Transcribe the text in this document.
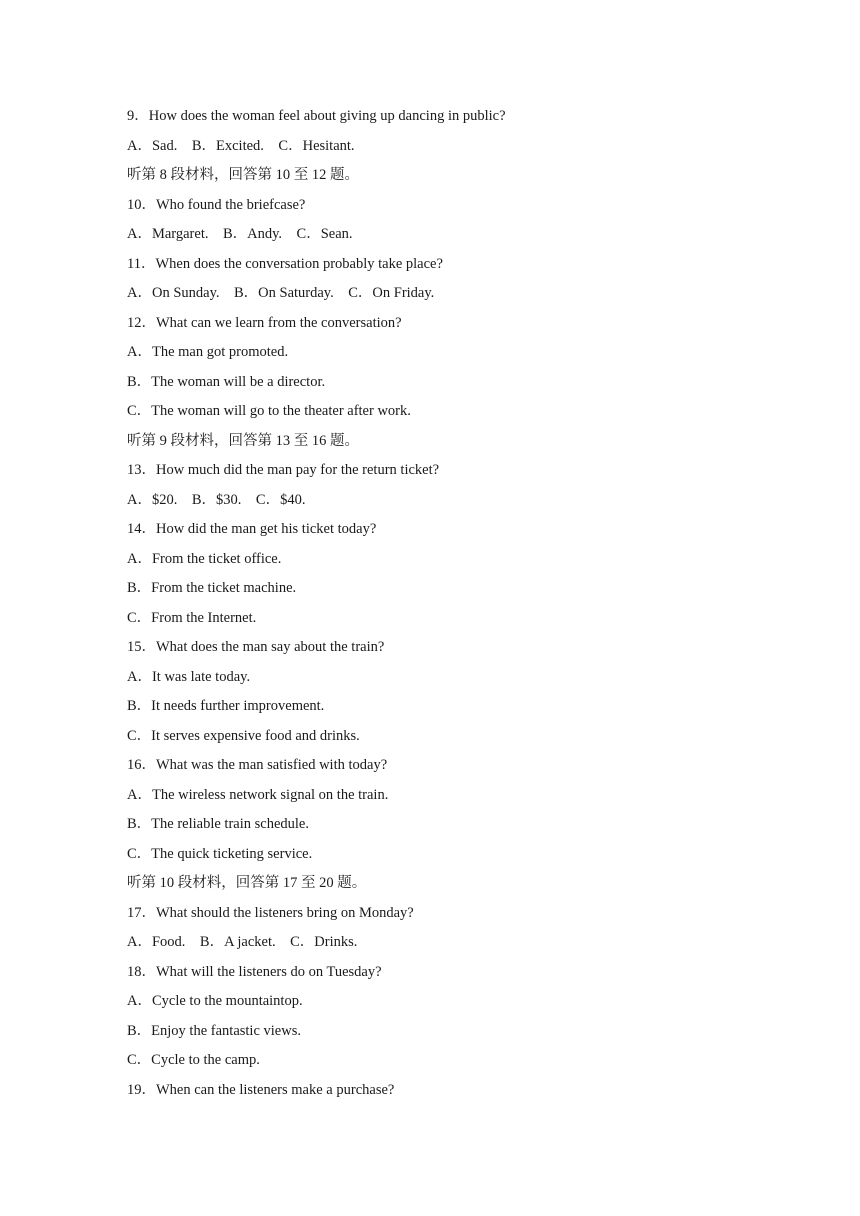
9．How does the woman feel about giving up dancing in public?
A．Sad.　B．Excited.　C．Hesitant.
听第 8 段材料，回答第 10 至 12 题。
10．Who found the briefcase?
A．Margaret.　B．Andy.　C．Sean.
11．When does the conversation probably take place?
A．On Sunday.　B．On Saturday.　C．On Friday.
12．What can we learn from the conversation?
A．The man got promoted.
B．The woman will be a director.
C．The woman will go to the theater after work.
听第 9 段材料，回答第 13 至 16 题。
13．How much did the man pay for the return ticket?
A．$20.　B．$30.　C．$40.
14．How did the man get his ticket today?
A．From the ticket office.
B．From the ticket machine.
C．From the Internet.
15．What does the man say about the train?
A．It was late today.
B．It needs further improvement.
C．It serves expensive food and drinks.
16．What was the man satisfied with today?
A．The wireless network signal on the train.
B．The reliable train schedule.
C．The quick ticketing service.
听第 10 段材料，回答第 17 至 20 题。
17．What should the listeners bring on Monday?
A．Food.　B．A jacket.　C．Drinks.
18．What will the listeners do on Tuesday?
A．Cycle to the mountaintop.
B．Enjoy the fantastic views.
C．Cycle to the camp.
19．When can the listeners make a purchase?
